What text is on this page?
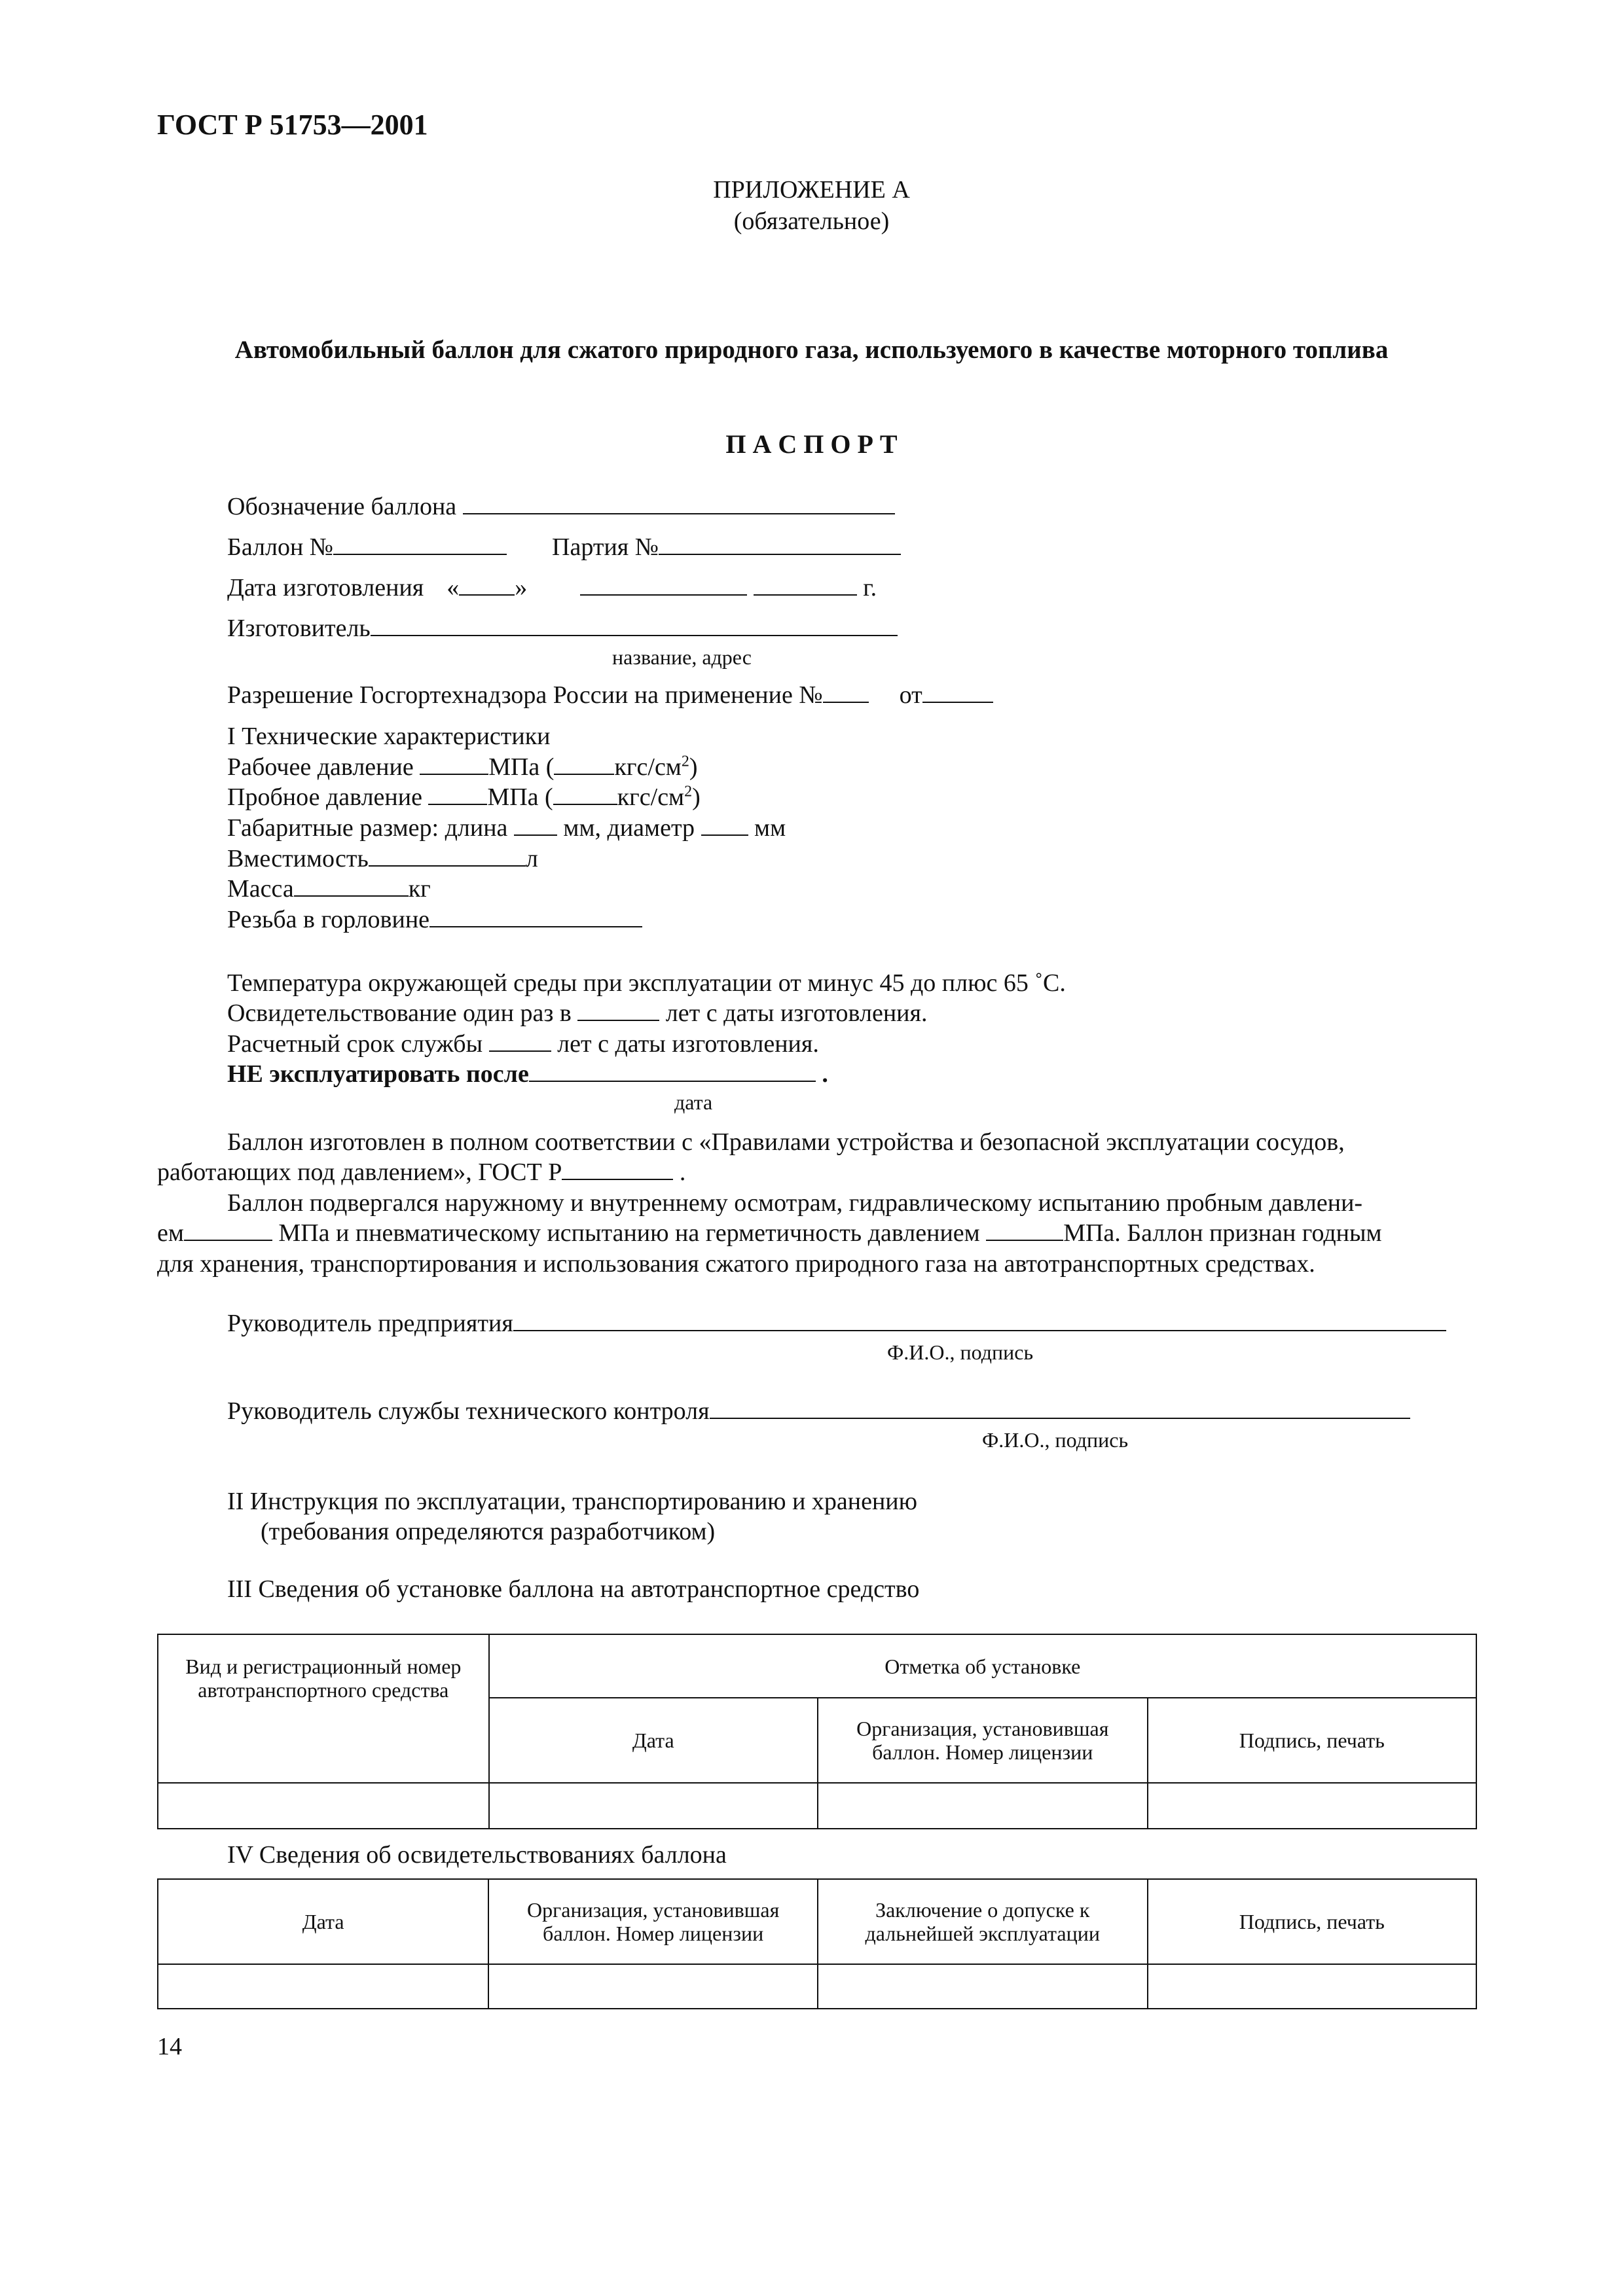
ГОСТ Р 51753—2001
ПРИЛОЖЕНИЕ А
(обязательное)
Автомобильный баллон для сжатого природного газа, используемого в качестве моторного топлива
П А С П О Р Т
Обозначение баллона
Баллон №	Партия №
Дата изготовления « »	г.
Изготовитель
название, адрес
Разрешение Госгортехнадзора России на применение №	от
I Технические характеристики
Рабочее давление	МПа ( кгс/$см^2$)
Пробное давление	МПа (	кгс/$см^2$)
Габаритные размер: длина мм, диаметр мм
Вместимость	л
Масса	кг
Резьба в горловине
Температура окружающей среды при эксплуатации от минус 45 до плюс 65 ˚С.
Освидетельствование один раз в	лет с даты изготовления.
Расчетный срок службы	лет с даты изготовления.
НЕ эксплуатировать после	.
дата
Баллон изготовлен в полном соответствии с «Правилами устройства и безопасной эксплуатации сосудов,
работающих под давлением», ГОСТ Р	.
Баллон подвергался наружному и внутреннему осмотрам, гидравлическому испытанию пробным давлени-
ем	МПа и пневматическому испытанию на герметичность давлением	МПа. Баллон признан годным
для хранения, транспортирования и использования сжатого природного газа на автотранспортных средствах.
Руководитель предприятия
Ф.И.О., подпись
Руководитель службы технического контроля
Ф.И.О., подпись
II Инструкция по эксплуатации, транспортированию и хранению
(требования определяются разработчиком)
III Сведения об установке баллона на автотранспортное средство
Вид и регистрационный номер автотранспортного средства	Отметка об установке		
	Дата	Организация, установившая баллон. Номер лицензии	Подпись, печать

IV Сведения об освидетельствованиях баллона
Дата	Организация, установившая баллон. Номер лицензии	Заключение о допуске к дальнейшей эксплуатации	Подпись, печать

14
